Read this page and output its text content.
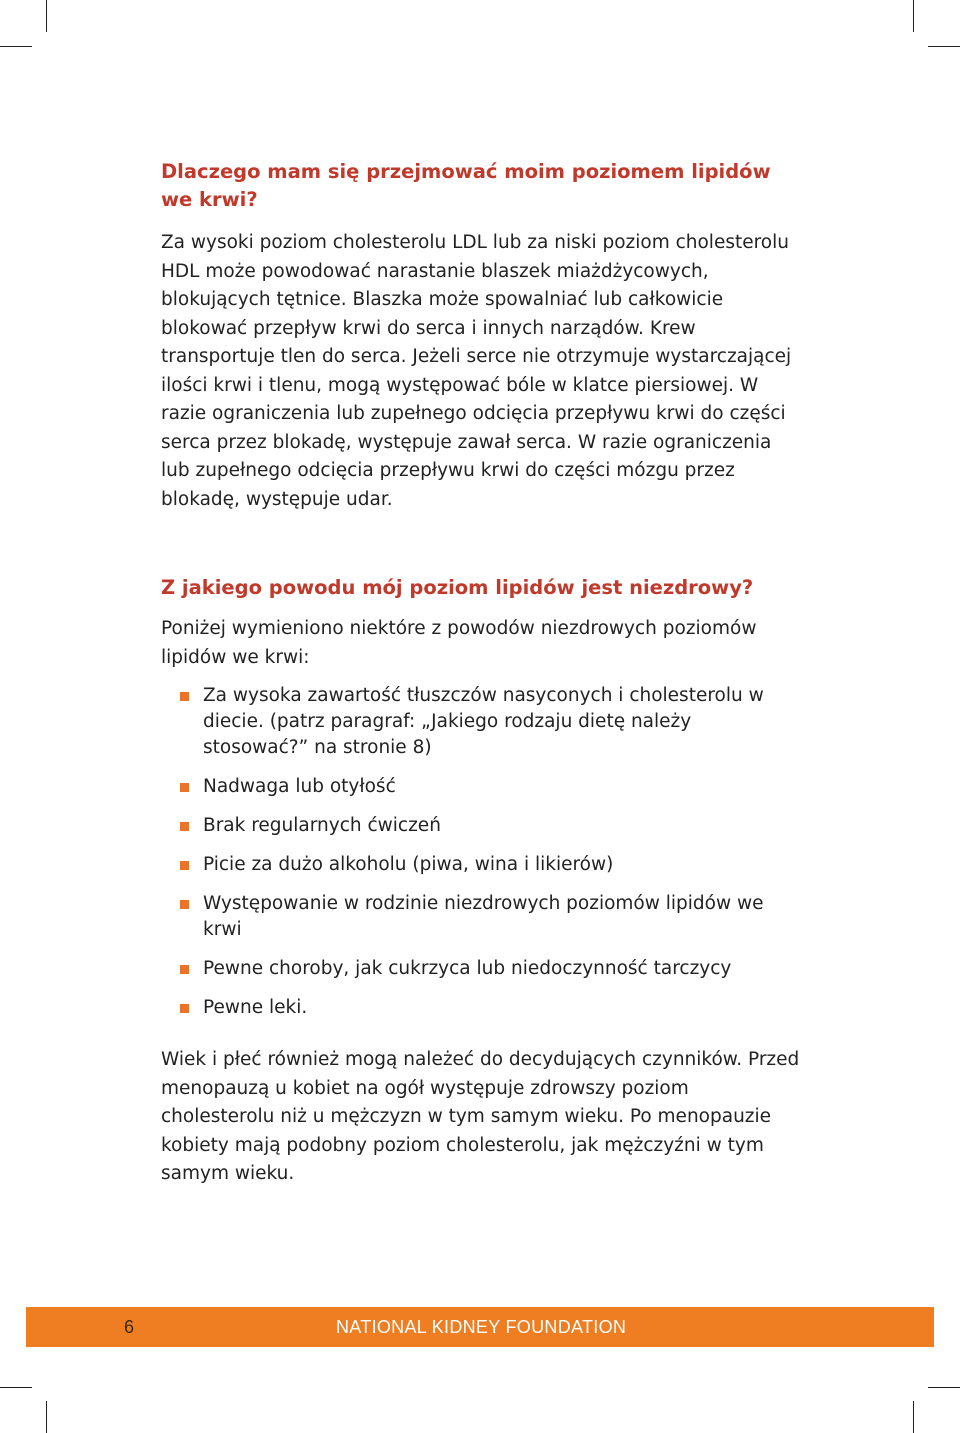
Dlaczego mam się przejmować moim poziomem lipidów we krwi?

Za wysoki poziom cholesterolu LDL lub za niski poziom cholesterolu HDL może powodować narastanie blaszek miażdżycowych, blokujących tętnice. Blaszka może spowalniać lub całkowicie blokować przepływ krwi do serca i innych narządów. Krew transportuje tlen do serca. Jeżeli serce nie otrzymuje wystarczającej ilości krwi i tlenu, mogą występować bóle w klatce piersiowej. W razie ograniczenia lub zupełnego odcięcia przepływu krwi do części serca przez blokadę, występuje zawał serca. W razie ograniczenia lub zupełnego odcięcia przepływu krwi do części mózgu przez blokadę, występuje udar.

Z jakiego powodu mój poziom lipidów jest niezdrowy?

Poniżej wymieniono niektóre z powodów niezdrowych poziomów lipidów we krwi:

Za wysoka zawartość tłuszczów nasyconych i cholesterolu w diecie. (patrz paragraf: „Jakiego rodzaju dietę należy stosować?” na stronie 8)
Nadwaga lub otyłość
Brak regularnych ćwiczeń
Picie za dużo alkoholu (piwa, wina i likierów)
Występowanie w rodzinie niezdrowych poziomów lipidów we krwi
Pewne choroby, jak cukrzyca lub niedoczynność tarczycy
Pewne leki.

Wiek i płeć również mogą należeć do decydujących czynników. Przed menopauzą u kobiet na ogół występuje zdrowszy poziom cholesterolu niż u mężczyzn w tym samym wieku. Po menopauzie kobiety mają podobny poziom cholesterolu, jak mężczyźni w tym samym wieku.

6	NATIONAL KIDNEY FOUNDATION
